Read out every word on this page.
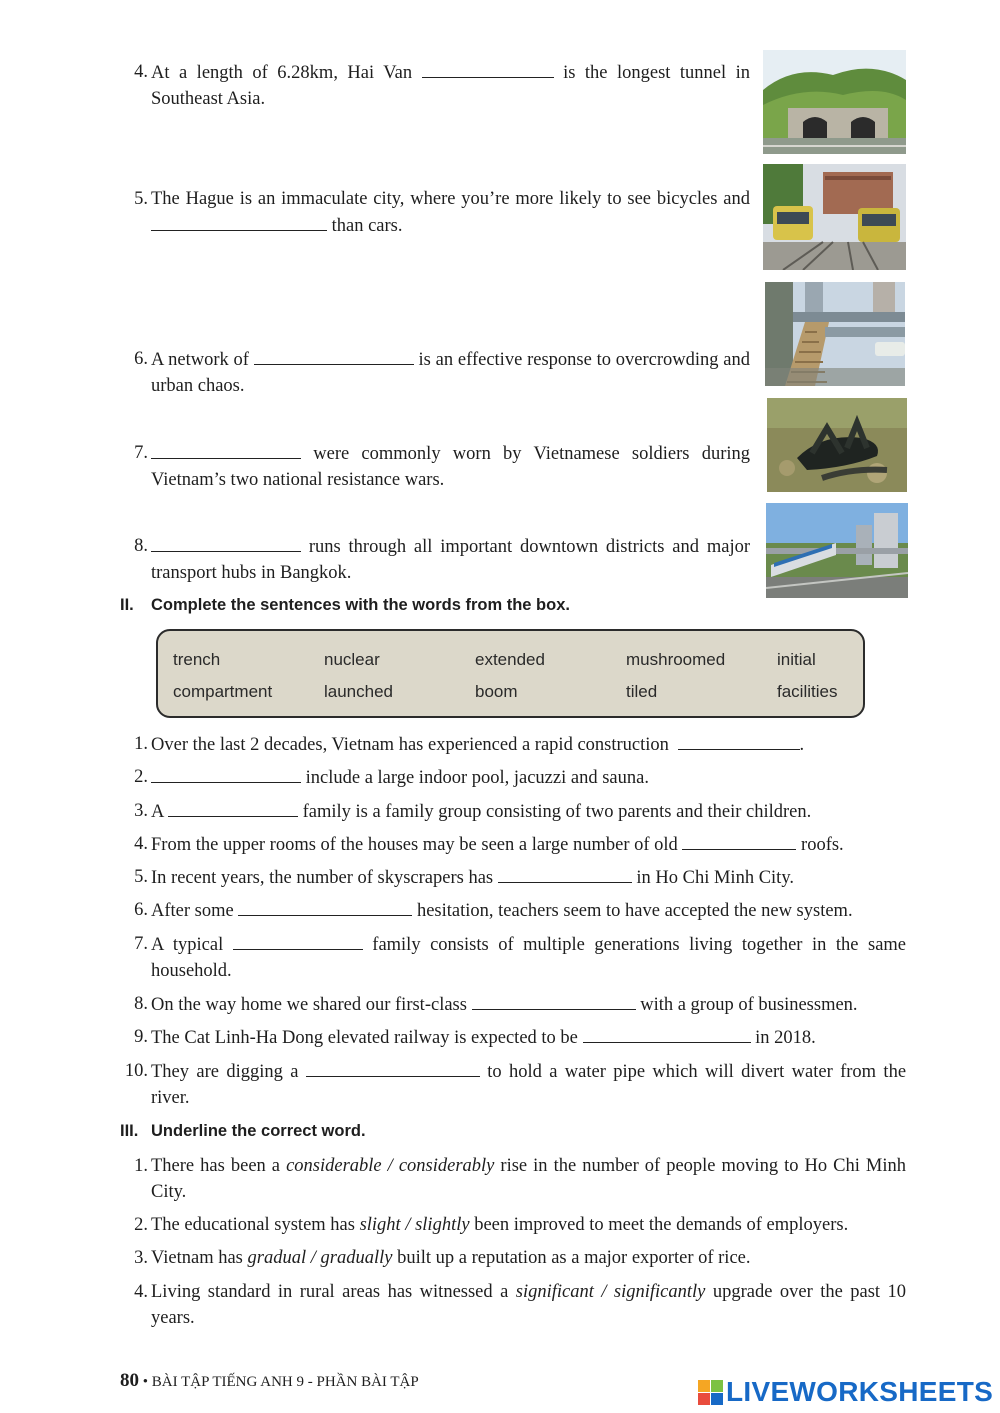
4. At a length of 6.28km, Hai Van	is the longest tunnel in Southeast Asia.
5. The Hague is an immaculate city, where you’re more likely to see bicycles and  than cars.
6. A network of	is an effective response to overcrowding and urban chaos.
7.	were commonly worn by Vietnamese soldiers during Vietnam’s two national resistance wars.
8.	runs through all important downtown districts and major transport hubs in Bangkok.
II.	Complete the sentences with the words from the box.
trench	nuclear	extended	mushroomed	initial
compartment	launched	boom	tiled	facilities
1. Over the last 2 decades, Vietnam has experienced a rapid construction	.
2.	include a large indoor pool, jacuzzi and sauna.
3. A	family is a family group consisting of two parents and their children.
4. From the upper rooms of the houses may be seen a large number of old	roofs.
5. In recent years, the number of skyscrapers has	in Ho Chi Minh City.
6. After some	hesitation, teachers seem to have accepted the new system.
7. A typical	family consists of multiple generations living together in the same household.
8. On the way home we shared our first-class	with a group of businessmen.
9. The Cat Linh-Ha Dong elevated railway is expected to be	in 2018.
10. They are digging a	to hold a water pipe which will divert water from the river.
III. Underline the correct word.
1. There has been a considerable / considerably rise in the number of people moving to Ho Chi Minh City.
2. The educational system has slight / slightly been improved to meet the demands of employers.
3. Vietnam has gradual / gradually built up a reputation as a major exporter of rice.
4. Living standard in rural areas has witnessed a significant / significantly upgrade over the past 10 years.
80 • BÀI TẬP TIẾNG ANH 9 - PHẦN BÀI TẬP	LIVEWORKSHEETS
